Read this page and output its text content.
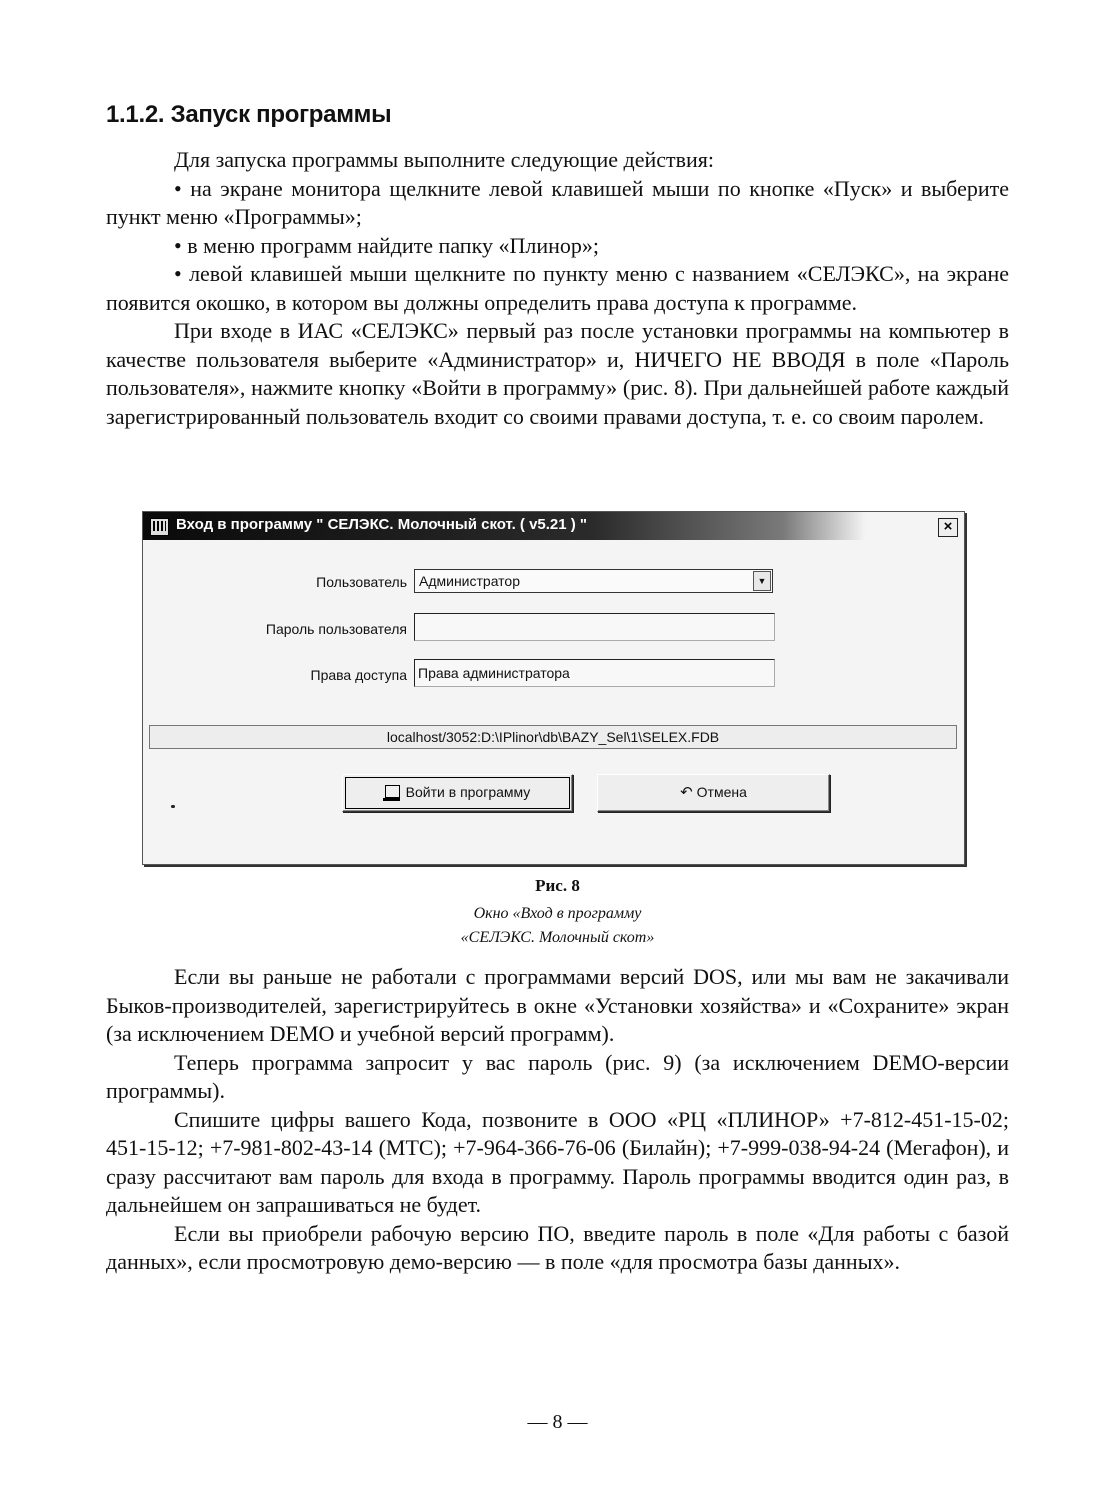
1.1.2. Запуск программы

Для запуска программы выполните следующие действия:

• на экране монитора щелкните левой клавишей мыши по кнопке «Пуск» и выберите пункт меню «Программы»;

• в меню программ найдите папку «Плинор»;

• левой клавишей мыши щелкните по пункту меню с названием «СЕЛЭКС», на экране появится окошко, в котором вы должны определить права доступа к программе.

При входе в ИАС «СЕЛЭКС» первый раз после установки программы на компьютер в качестве пользователя выберите «Администратор» и, НИЧЕГО НЕ ВВОДЯ в поле «Пароль пользователя», нажмите кнопку «Войти в программу» (рис. 8). При дальнейшей работе каждый зарегистрированный пользователь входит со своими правами доступа, т. е. со своим паролем.

Вход в программу " СЕЛЭКС. Молочный скот. ( v5.21 ) "	×
Пользователь Администратор	▼
Пароль пользователя
Права доступа Права администратора
localhost/3052:D:\IPlinor\db\BAZY_Sel\1\SELEX.FDB
Войти в программу	↶ Отмена
Рис. 8
Окно «Вход в программу
«СЕЛЭКС. Молочный скот»

Если вы раньше не работали с программами версий DOS, или мы вам не закачивали Быков-производителей, зарегистрируйтесь в окне «Установки хозяйства» и «Сохраните» экран (за исключением DEMO и учебной версий программ).

Теперь программа запросит у вас пароль (рис. 9) (за исключением DEMO-версии программы).

Спишите цифры вашего Кода, позвоните в ООО «РЦ «ПЛИНОР» +7-812-451-15-02; 451-15-12; +7-981-802-43-14 (МТС); +7-964-366-76-06 (Билайн); +7-999-038-94-24 (Мегафон), и сразу рассчитают вам пароль для входа в программу. Пароль программы вводится один раз, в дальнейшем он запрашиваться не будет.

Если вы приобрели рабочую версию ПО, введите пароль в поле «Для работы с базой данных», если просмотровую демо-версию — в поле «для просмотра базы данных».

— 8 —
